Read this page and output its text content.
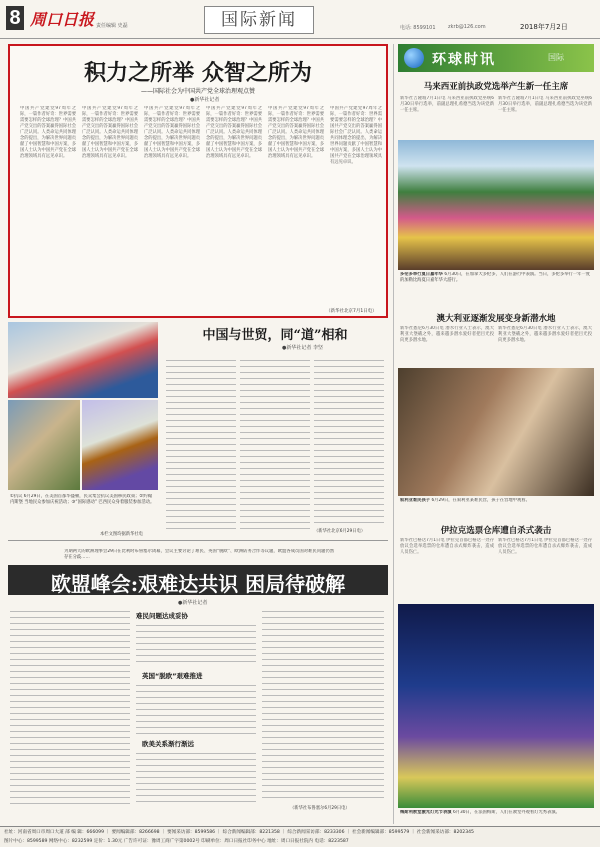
8 周口日报 责任编辑 史磊	国际新闻	电话: 8599101 zkrb@126.com	2018年7月2日
积力之所举 众智之所为
——国际社会为中国共产党全球治理观点赞
●新华社记者
中国共产党建党97周年之际，一篇作者好奇：世界需要需要怎样的全球治理？中国共产党交出的答案赢得国际社会广泛认同。人类命运共同体理念的提出，为解决世界问题贡献了中国智慧和中国方案，多国人士认为中国共产党在全球治理领域具有远见卓识。
中国共产党建党97周年之际，一篇作者好奇：世界需要需要怎样的全球治理？中国共产党交出的答案赢得国际社会广泛认同。人类命运共同体理念的提出，为解决世界问题贡献了中国智慧和中国方案，多国人士认为中国共产党在全球治理领域具有远见卓识。
中国共产党建党97周年之际，一篇作者好奇：世界需要需要怎样的全球治理？中国共产党交出的答案赢得国际社会广泛认同。人类命运共同体理念的提出，为解决世界问题贡献了中国智慧和中国方案，多国人士认为中国共产党在全球治理领域具有远见卓识。
中国共产党建党97周年之际，一篇作者好奇：世界需要需要怎样的全球治理？中国共产党交出的答案赢得国际社会广泛认同。人类命运共同体理念的提出，为解决世界问题贡献了中国智慧和中国方案，多国人士认为中国共产党在全球治理领域具有远见卓识。
中国共产党建党97周年之际，一篇作者好奇：世界需要需要怎样的全球治理？中国共产党交出的答案赢得国际社会广泛认同。人类命运共同体理念的提出，为解决世界问题贡献了中国智慧和中国方案，多国人士认为中国共产党在全球治理领域具有远见卓识。
中国共产党建党97周年之际，一篇作者好奇：世界需要需要怎样的全球治理？中国共产党交出的答案赢得国际社会广泛认同。人类命运共同体理念的提出，为解决世界问题贡献了中国智慧和中国方案，多国人士认为中国共产党在全球治理领域具有远见卓识。
（新华社北京7月1日电）
①抗议 6月29日，在美国首都华盛顿，民众集会抗议美国移民政策；②约翰内斯堡 当地民众参加庆祝活动；③“国际感动” 巴西民众身着服装参加活动。
本栏文图均据新华社电
中国与世贸，同“道”相和
●新华社记者 李坚
（新华社北京6月29日电）
为期两天的欧洲理事会29日在比利时布鲁塞尔闭幕，会议主要讨论了难民、英国“脱欧”、欧洲防务合作等议题，欧盟各成员国对难民问题仍然存在分歧……
欧盟峰会:艰难达共识 困局待破解
●新华社记者
难民问题达成妥协
英国“脱欧”艰难推进
欧美关系渐行渐远
（新华社布鲁塞尔6月29日电）
环球时讯	国际
马来西亚前执政党选举产生新一任主席
新华社吉隆坡7月1日电 马来西亚前执政党巫统6月30日举行选举，前副总理扎希德当选为该党新一任主席。
新华社吉隆坡7月1日电 马来西亚前执政党巫统6月30日举行选举，前副总理扎希德当选为该党新一任主席。
多伦多举行夏日嘉年华 6月30日，在加拿大多伦多，人们在游行中表演。当日，多伦多举行一年一度的加勒比海夏日嘉年华大游行。
澳大利亚逐渐发展变身新潜水地
新华社悉尼6月30日电 潜水行业人士表示，澳大利亚大堡礁之外，越来越多潜水爱好者把目光投向更多潜水地。
新华社悉尼6月30日电 潜水行业人士表示，澳大利亚大堡礁之外，越来越多潜水爱好者把目光投向更多潜水地。
叙利亚难民孩子 6月29日，在叙利亚某难民营，孩子在营地中观看。
伊拉克选票仓库遭自杀式袭击
新华社巴格达7月1日电 伊拉克首都巴格达一处存放议会选举选票的仓库遭自杀式爆炸袭击，造成人员伤亡。
新华社巴格达7月1日电 伊拉克首都巴格达一处存放议会选举选票的仓库遭自杀式爆炸袭击，造成人员伤亡。
梅斯利教堂激光灯光节表演 6月30日，在法国梅斯，人们在教堂外观看灯光秀表演。
社址：河南省周口市周口大道 部 编 辑：666099 ｜ 要闻编辑部：8266698 ｜ 要闻采访部：8599586 ｜ 综合新闻编辑部：8221358 ｜ 综合新闻采访部：8233306 ｜ 社会新闻编辑部：8599579 ｜ 社会新闻采访部：8202345
图片中心：8599589 网络中心：8232599 定价：1.30元 广告许可证：豫周工商广字第0002号 印刷单位：周口日报社印务中心 地址：周口日报社院内 电话：8223587
